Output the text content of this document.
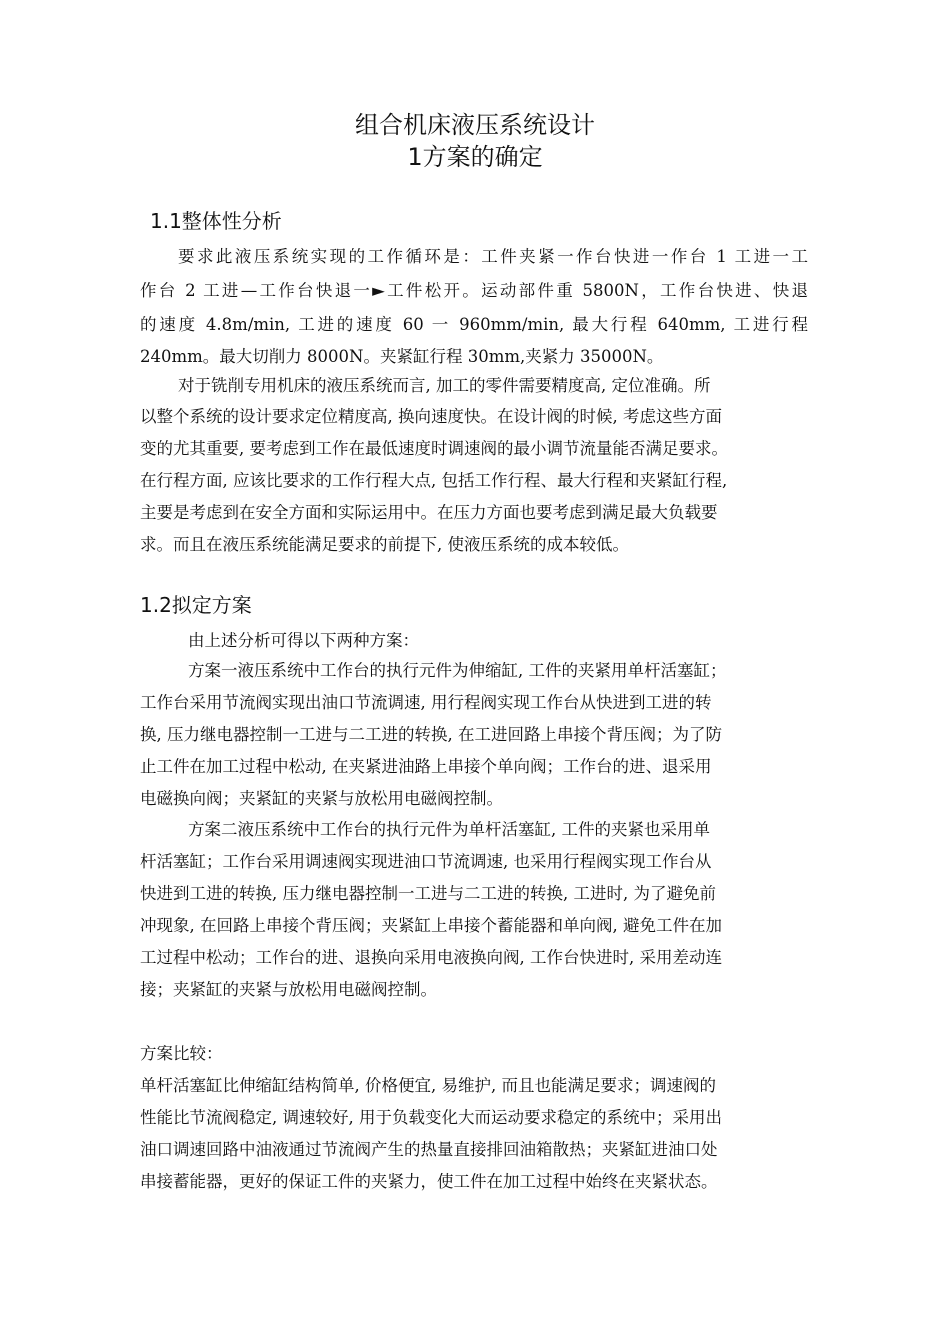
组合机床液压系统设计
1方案的确定
1.1整体性分析
要求此液压系统实现的工作循环是：工件夹紧一作台快进一作台 1 工进一工
作台 2 工进—工作台快退一►工件松开。运动部件重 5800N，工作台快进、快退
的速度 4.8m/min, 工进的速度 60 一 960mm/min, 最大行程 640mm, 工进行程
240mm。最大切削力 8000N。夹紧缸行程 30mm,夹紧力 35000N。
对于铣削专用机床的液压系统而言, 加工的零件需要精度高, 定位准确。所
以整个系统的设计要求定位精度高, 换向速度快。在设计阀的时候, 考虑这些方面
变的尤其重要, 要考虑到工作在最低速度时调速阀的最小调节流量能否满足要求。
在行程方面, 应该比要求的工作行程大点, 包括工作行程、最大行程和夹紧缸行程,
主要是考虑到在安全方面和实际运用中。在压力方面也要考虑到满足最大负载要
求。而且在液压系统能满足要求的前提下, 使液压系统的成本较低。
1.2拟定方案
由上述分析可得以下两种方案：
方案一液压系统中工作台的执行元件为伸缩缸, 工件的夹紧用单杆活塞缸；
工作台采用节流阀实现出油口节流调速, 用行程阀实现工作台从快进到工进的转
换, 压力继电器控制一工进与二工进的转换, 在工进回路上串接个背压阀；为了防
止工件在加工过程中松动, 在夹紧进油路上串接个单向阀；工作台的进、退采用
电磁换向阀；夹紧缸的夹紧与放松用电磁阀控制。
方案二液压系统中工作台的执行元件为单杆活塞缸, 工件的夹紧也采用单
杆活塞缸；工作台采用调速阀实现进油口节流调速, 也采用行程阀实现工作台从
快进到工进的转换, 压力继电器控制一工进与二工进的转换, 工进时, 为了避免前
冲现象, 在回路上串接个背压阀；夹紧缸上串接个蓄能器和单向阀, 避免工件在加
工过程中松动；工作台的进、退换向采用电液换向阀, 工作台快进时, 采用差动连
接；夹紧缸的夹紧与放松用电磁阀控制。
方案比较：
单杆活塞缸比伸缩缸结构简单, 价格便宜, 易维护, 而且也能满足要求；调速阀的
性能比节流阀稳定, 调速较好, 用于负载变化大而运动要求稳定的系统中；采用出
油口调速回路中油液通过节流阀产生的热量直接排回油箱散热；夹紧缸进油口处
串接蓄能器，更好的保证工件的夹紧力，使工件在加工过程中始终在夹紧状态。
